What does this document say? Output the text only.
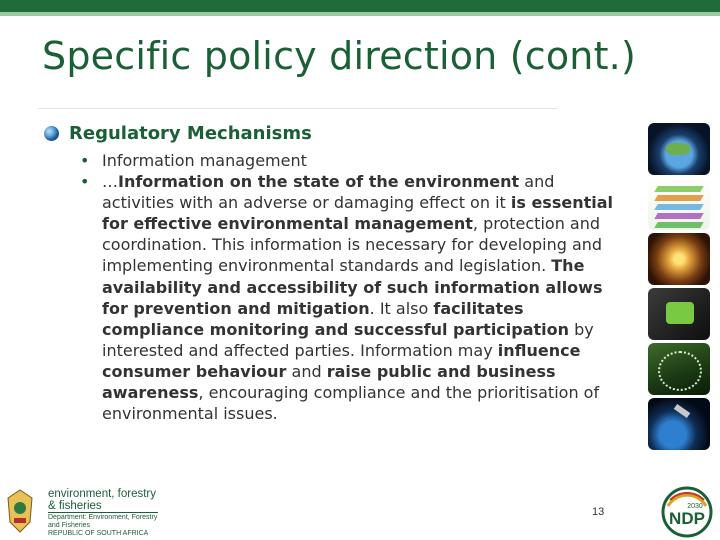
Specific policy direction (cont.)
Regulatory Mechanisms
• Information management
• …Information on the state of the environment and activities with an adverse or damaging effect on it is essential for effective environmental management, protection and coordination. This information is necessary for developing and implementing environmental standards and legislation. The availability and accessibility of such information allows for prevention and mitigation. It also facilitates compliance monitoring and successful participation by interested and affected parties. Information may influence consumer behaviour and raise public and business awareness, encouraging compliance and the prioritisation of environmental issues.
environment, forestry
& fisheries
Department: Environment, Forestry
and Fisheries
REPUBLIC OF SOUTH AFRICA
13	NDP
2030
